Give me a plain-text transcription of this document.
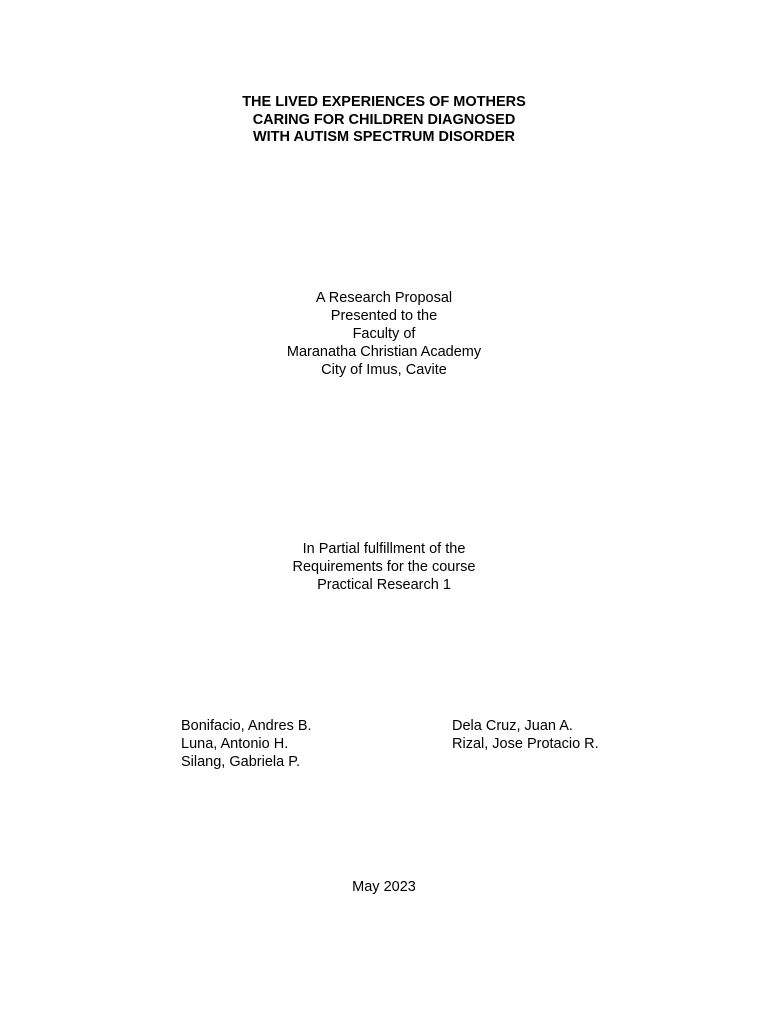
THE LIVED EXPERIENCES OF MOTHERS
CARING FOR CHILDREN DIAGNOSED
WITH AUTISM SPECTRUM DISORDER
A Research Proposal
Presented to the
Faculty of
Maranatha Christian Academy
City of Imus, Cavite
In Partial fulfillment of the
Requirements for the course
Practical Research 1
Bonifacio, Andres B.
Luna, Antonio H.
Silang, Gabriela P.
Dela Cruz, Juan A.
Rizal, Jose Protacio R.
May 2023
